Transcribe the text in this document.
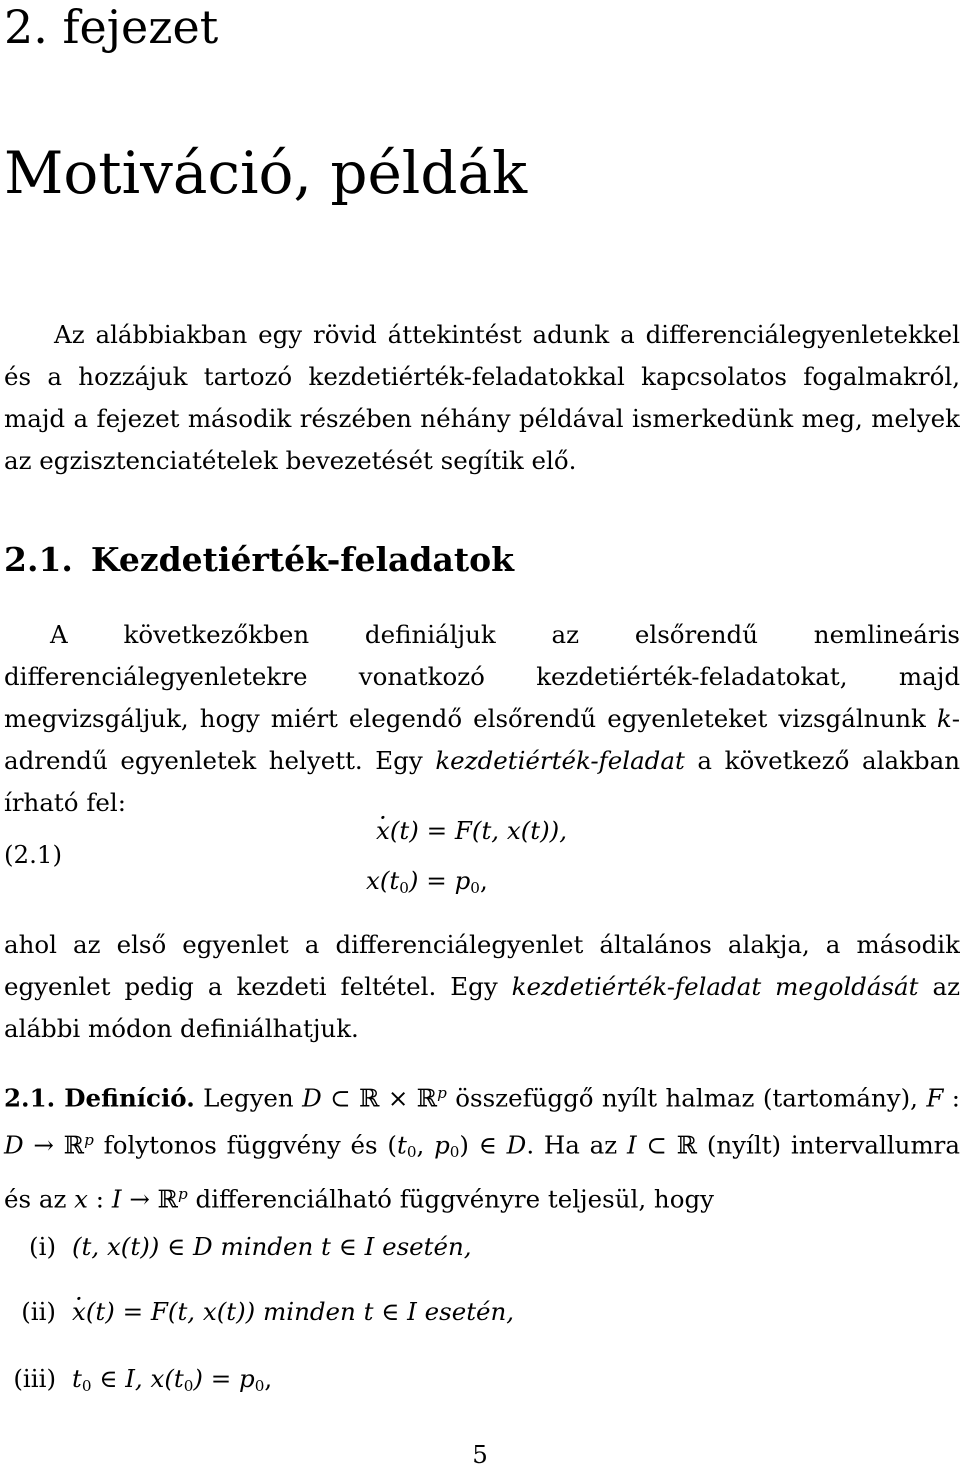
2. fejezet
Motiváció, példák
Az alábbiakban egy rövid áttekintést adunk a differenciálegyenletekkel és a hozzájuk tartozó kezdetiérték-feladatokkal kapcsolatos fogalmakról, majd a fejezet második részében néhány példával ismerkedünk meg, melyek az egzisztenciatételek bevezetését segítik elő.
2.1. Kezdetiérték-feladatok
A következőkben definiáljuk az elsőrendű nemlineáris differenciálegyenletekre vonatkozó kezdetiérték-feladatokat, majd megvizsgáljuk, hogy miért elegendő elsőrendű egyenleteket vizsgálnunk k-adrendű egyenletek helyett. Egy kezdetiérték-feladat a következő alakban írható fel:
(2.1)
· x(t) = F(t, x(t)),
$x(t_0) = p_0$,
ahol az első egyenlet a differenciálegyenlet általános alakja, a második egyenlet pedig a kezdeti feltétel. Egy kezdetiérték-feladat megoldását az alábbi módon definiálhatjuk.
2.1. Definíció. Legyen D ⊂ ℝ × ℝ$^p$ összefüggő nyílt halmaz (tartomány), F : D → ℝ$^p$ folytonos függvény és ($t_0$, $p_0$) ∈ D. Ha az I ⊂ ℝ (nyílt) intervallumra és az x : I → ℝ$^p$ differenciálható függvényre teljesül, hogy
(i) (t, x(t)) ∈ D minden t ∈ I esetén,
(ii)· x(t) = F(t, x(t)) minden t ∈ I esetén,
(iii) $t_0$ ∈ I, $x(t_0) = p_0$,
5
